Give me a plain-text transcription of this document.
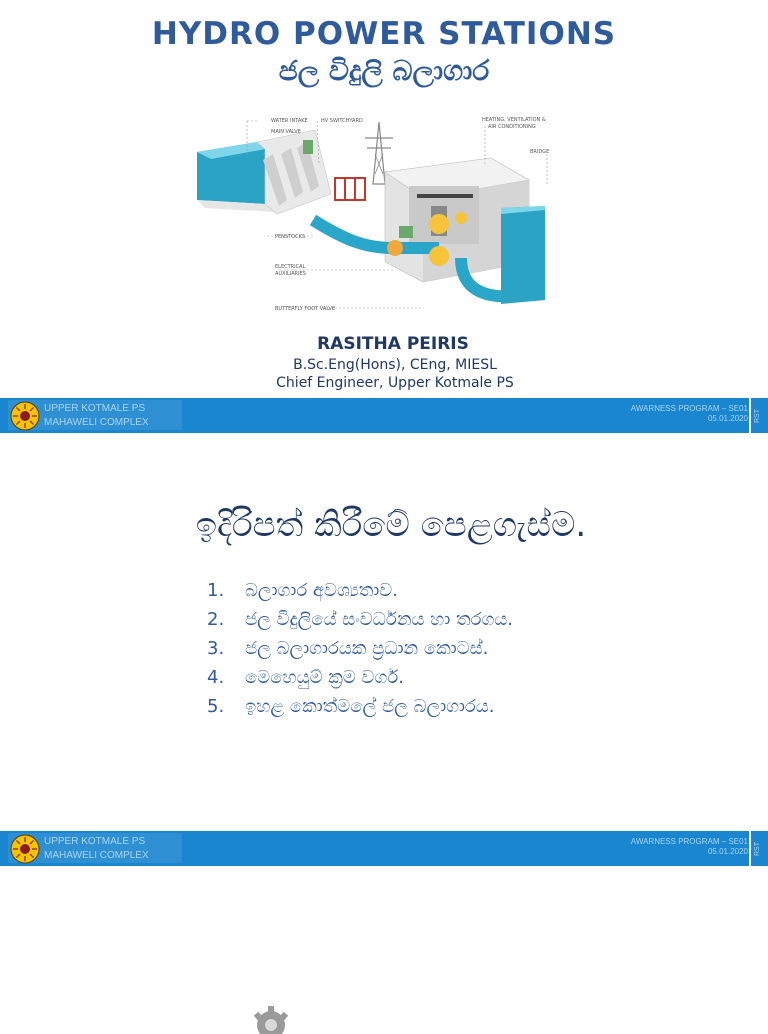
HYDRO POWER STATIONS
ජල විදුලි බලාගාර
WATER INTAKE
MAIN VALVE
HV SWITCHYARD	HEATING, VENTILATION &
AIR CONDITIONING
BRIDGE
PENSTOCKS
ELECTRICAL
AUXILIARIES
BUTTERFLY FOOT VALVE
RASITHA PEIRIS
B.Sc.Eng(Hons), CEng, MIESL
Chief Engineer, Upper Kotmale PS
UPPER KOTMALE PS
MAHAWELI COMPLEX
AWARNESS PROGRAM – SE01
05.01.2020 RST
ඉදිරිපත් කිරීමේ පෙළගැස්ම.
1.	බලාගාර අවශ්‍යතාව.
2.	ජල විදුලියේ සංවර්ධනය හා තරගය.
3.	ජල බලාගාරයක ප්‍රධාන කොටස්.
4.	මෙහෙයුම් ක්‍රම වර්ග.
5.	ඉහළ කොත්මලේ ජල බලාගාරය.
UPPER KOTMALE PS
MAHAWELI COMPLEX
AWARNESS PROGRAM – SE01
05.01.2020 RST
